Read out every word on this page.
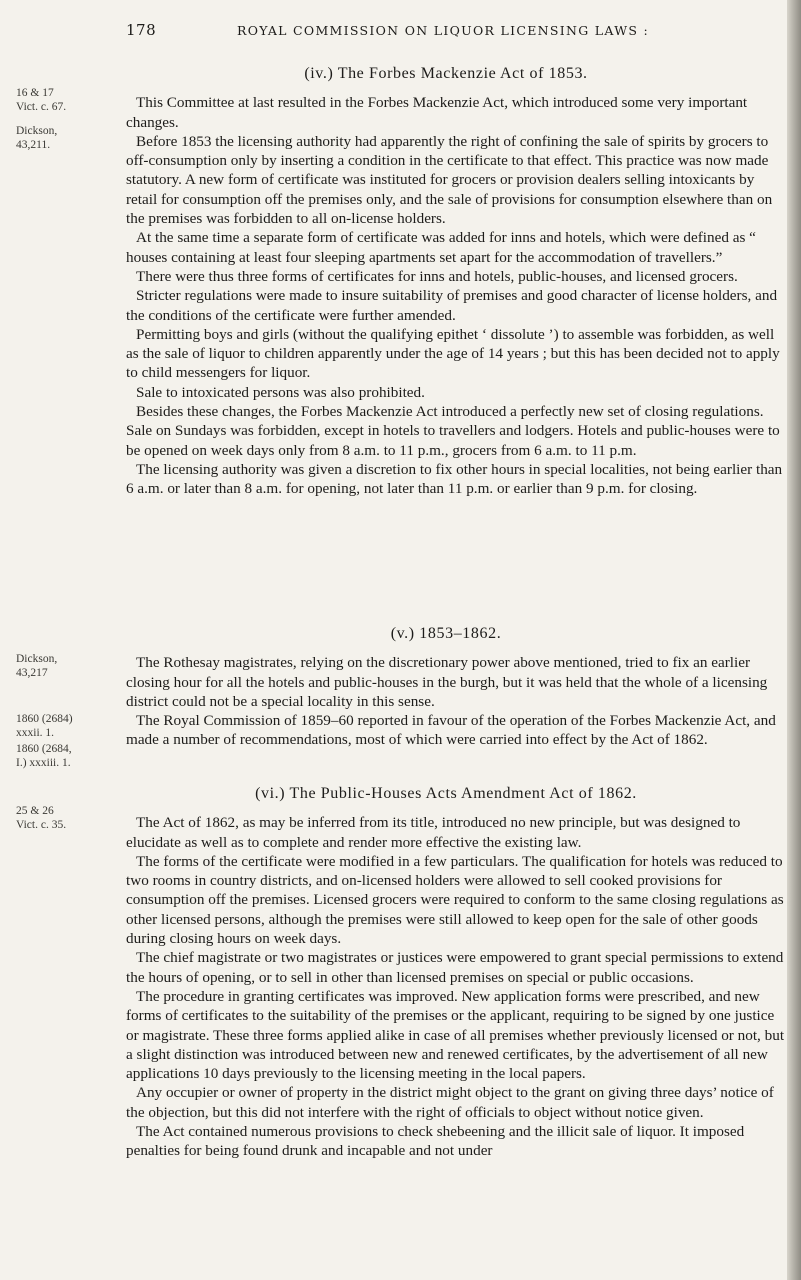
178	ROYAL COMMISSION ON LIQUOR LICENSING LAWS :
(iv.) The Forbes Mackenzie Act of 1853.

This Committee at last resulted in the Forbes Mackenzie Act, which introduced some very important changes.

Before 1853 the licensing authority had apparently the right of confining the sale of spirits by grocers to off-consumption only by inserting a condition in the certificate to that effect. This practice was now made statutory. A new form of certificate was instituted for grocers or provision dealers selling intoxicants by retail for consumption off the premises only, and the sale of provisions for consumption elsewhere than on the premises was forbidden to all on-license holders.

At the same time a separate form of certificate was added for inns and hotels, which were defined as “ houses containing at least four sleeping apartments set apart for the accommodation of travellers.”

There were thus three forms of certificates for inns and hotels, public-houses, and licensed grocers.

Stricter regulations were made to insure suitability of premises and good character of license holders, and the conditions of the certificate were further amended.

Permitting boys and girls (without the qualifying epithet ‘ dissolute ’) to assemble was forbidden, as well as the sale of liquor to children apparently under the age of 14 years ; but this has been decided not to apply to child messengers for liquor.

Sale to intoxicated persons was also prohibited.

Besides these changes, the Forbes Mackenzie Act introduced a perfectly new set of closing regulations. Sale on Sundays was forbidden, except in hotels to travellers and lodgers. Hotels and public-houses were to be opened on week days only from 8 a.m. to 11 p.m., grocers from 6 a.m. to 11 p.m.

The licensing authority was given a discretion to fix other hours in special localities, not being earlier than 6 a.m. or later than 8 a.m. for opening, not later than 11 p.m. or earlier than 9 p.m. for closing.

(v.) 1853–1862.

The Rothesay magistrates, relying on the discretionary power above mentioned, tried to fix an earlier closing hour for all the hotels and public-houses in the burgh, but it was held that the whole of a licensing district could not be a special locality in this sense.

The Royal Commission of 1859–60 reported in favour of the operation of the Forbes Mackenzie Act, and made a number of recommendations, most of which were carried into effect by the Act of 1862.

(vi.) The Public-Houses Acts Amendment Act of 1862.

The Act of 1862, as may be inferred from its title, introduced no new principle, but was designed to elucidate as well as to complete and render more effective the existing law.

The forms of the certificate were modified in a few particulars. The qualification for hotels was reduced to two rooms in country districts, and on-licensed holders were allowed to sell cooked provisions for consumption off the premises. Licensed grocers were required to conform to the same closing regulations as other licensed persons, although the premises were still allowed to keep open for the sale of other goods during closing hours on week days.

The chief magistrate or two magistrates or justices were empowered to grant special permissions to extend the hours of opening, or to sell in other than licensed premises on special or public occasions.

The procedure in granting certificates was improved. New application forms were prescribed, and new forms of certificates to the suitability of the premises or the applicant, requiring to be signed by one justice or magistrate. These three forms applied alike in case of all premises whether previously licensed or not, but a slight distinction was introduced between new and renewed certificates, by the advertisement of all new applications 10 days previously to the licensing meeting in the local papers.

Any occupier or owner of property in the district might object to the grant on giving three days’ notice of the objection, but this did not interfere with the right of officials to object without notice given.

The Act contained numerous provisions to check shebeening and the illicit sale of liquor. It imposed penalties for being found drunk and incapable and not under

16 & 17
Vict. c. 67.
Dickson,
43,211.
Dickson,
43,217
1860 (2684)
xxxii. 1.
1860 (2684,
I.) xxxiii. 1.
25 & 26
Vict. c. 35.
